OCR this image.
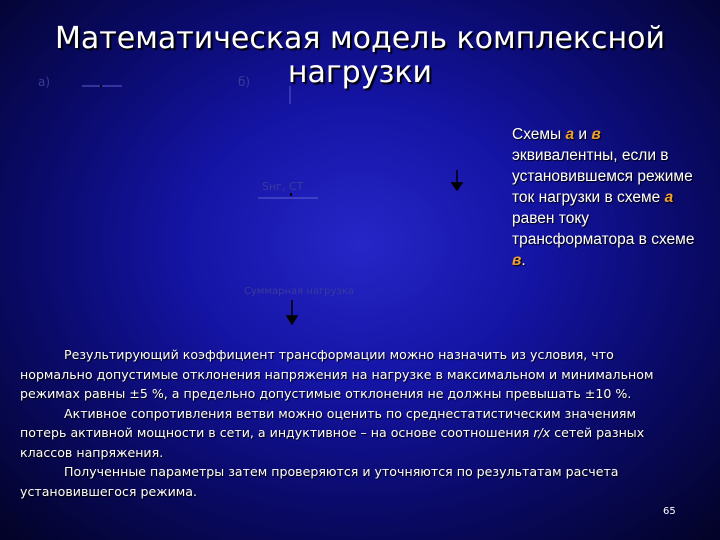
Математическая модель комплексной нагрузки
а)	б)
Sнг, СТ
Суммарная нагрузка
Схемы а и в эквивалентны, если в установившемся режиме ток нагрузки в схеме а равен току трансформатора в схеме в.

Результирующий коэффициент трансформации можно назначить из условия, что нормально допустимые отклонения напряжения на нагрузке в максимальном и минимальном режимах равны ±5 %, а предельно допустимые отклонения не должны превышать ±10 %.

Активное сопротивления ветви можно оценить по среднестатистическим значениям потерь активной мощности в сети, а индуктивное – на основе соотношения r/x сетей разных классов напряжения.

Полученные параметры затем проверяются и уточняются по результатам расчета установившегося режима.

65
